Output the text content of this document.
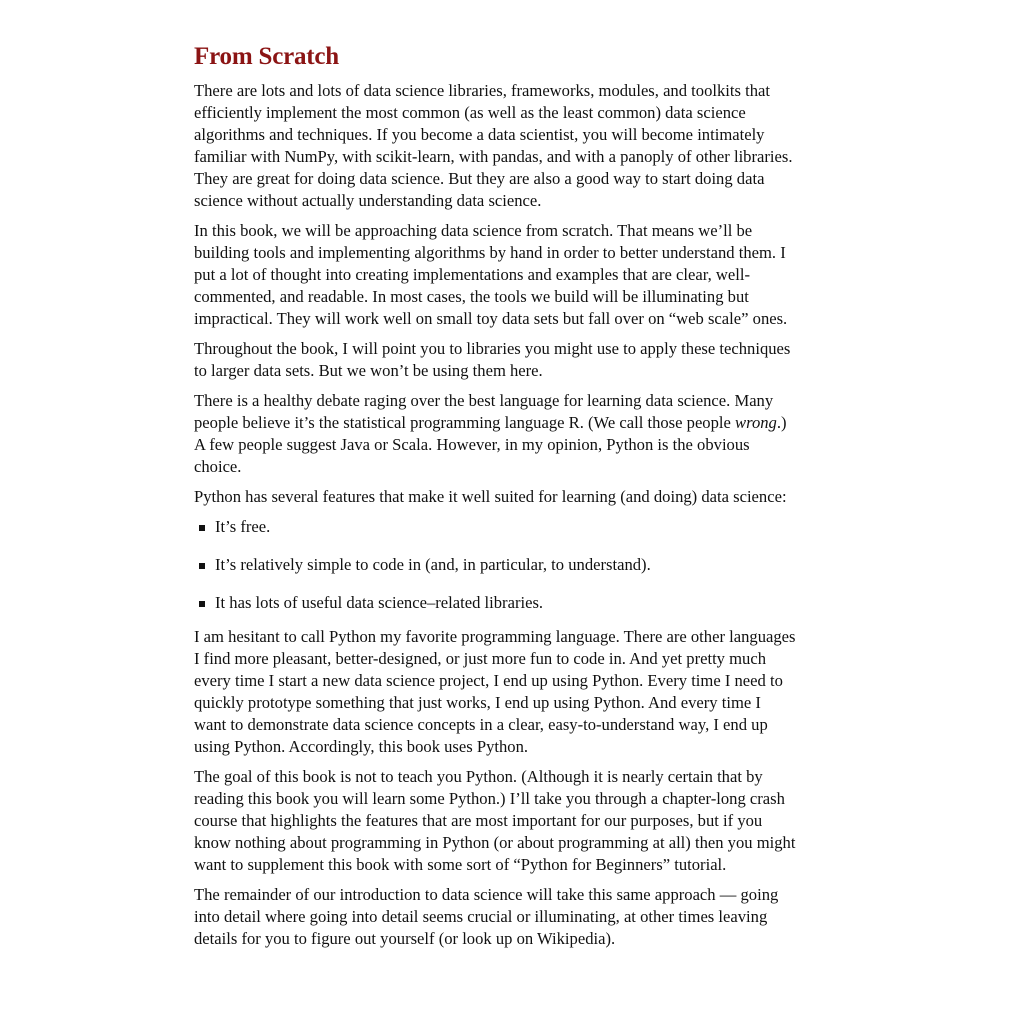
From Scratch

There are lots and lots of data science libraries, frameworks, modules, and toolkits that
efficiently implement the most common (as well as the least common) data science
algorithms and techniques. If you become a data scientist, you will become intimately
familiar with NumPy, with scikit-learn, with pandas, and with a panoply of other libraries.
They are great for doing data science. But they are also a good way to start doing data
science without actually understanding data science.

In this book, we will be approaching data science from scratch. That means we’ll be
building tools and implementing algorithms by hand in order to better understand them. I
put a lot of thought into creating implementations and examples that are clear, well-
commented, and readable. In most cases, the tools we build will be illuminating but
impractical. They will work well on small toy data sets but fall over on “web scale” ones.

Throughout the book, I will point you to libraries you might use to apply these techniques
to larger data sets. But we won’t be using them here.

There is a healthy debate raging over the best language for learning data science. Many
people believe it’s the statistical programming language R. (We call those people wrong.)
A few people suggest Java or Scala. However, in my opinion, Python is the obvious
choice.

Python has several features that make it well suited for learning (and doing) data science:

It’s free.
It’s relatively simple to code in (and, in particular, to understand).
It has lots of useful data science–related libraries.

I am hesitant to call Python my favorite programming language. There are other languages
I find more pleasant, better-designed, or just more fun to code in. And yet pretty much
every time I start a new data science project, I end up using Python. Every time I need to
quickly prototype something that just works, I end up using Python. And every time I
want to demonstrate data science concepts in a clear, easy-to-understand way, I end up
using Python. Accordingly, this book uses Python.

The goal of this book is not to teach you Python. (Although it is nearly certain that by
reading this book you will learn some Python.) I’ll take you through a chapter-long crash
course that highlights the features that are most important for our purposes, but if you
know nothing about programming in Python (or about programming at all) then you might
want to supplement this book with some sort of “Python for Beginners” tutorial.

The remainder of our introduction to data science will take this same approach — going
into detail where going into detail seems crucial or illuminating, at other times leaving
details for you to figure out yourself (or look up on Wikipedia).
